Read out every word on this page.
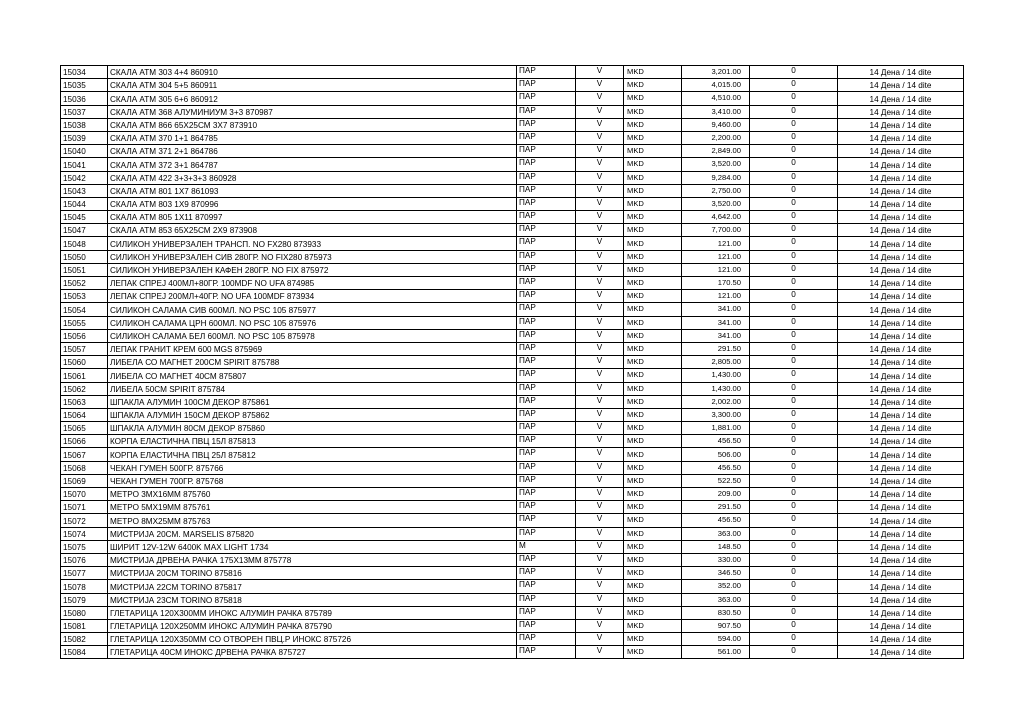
15034	СКАЛА АТМ 303 4+4 860910	ПАР	V	MKD	3,201.00	0	14 Дена / 14 dite
15035	СКАЛА АТМ 304 5+5 860911	ПАР	V	MKD	4,015.00	0	14 Дена / 14 dite
15036	СКАЛА АТМ 305 6+6 860912	ПАР	V	MKD	4,510.00	0	14 Дена / 14 dite
15037	СКАЛА АТМ 368 АЛУМИНИУМ 3+3 870987	ПАР	V	MKD	3,410.00	0	14 Дена / 14 dite
15038	СКАЛА АТМ 866 65Х25СМ 3Х7 873910	ПАР	V	MKD	9,460.00	0	14 Дена / 14 dite
15039	СКАЛА АТМ 370 1+1 864785	ПАР	V	MKD	2,200.00	0	14 Дена / 14 dite
15040	СКАЛА АТМ 371 2+1 864786	ПАР	V	MKD	2,849.00	0	14 Дена / 14 dite
15041	СКАЛА АТМ 372 3+1 864787	ПАР	V	MKD	3,520.00	0	14 Дена / 14 dite
15042	СКАЛА АТМ 422 3+3+3+3 860928	ПАР	V	MKD	9,284.00	0	14 Дена / 14 dite
15043	СКАЛА АТМ 801 1Х7 861093	ПАР	V	MKD	2,750.00	0	14 Дена / 14 dite
15044	СКАЛА АТМ 803 1Х9 870996	ПАР	V	MKD	3,520.00	0	14 Дена / 14 dite
15045	СКАЛА АТМ 805 1Х11 870997	ПАР	V	MKD	4,642.00	0	14 Дена / 14 dite
15047	СКАЛА АТМ 853 65Х25СМ 2Х9 873908	ПАР	V	MKD	7,700.00	0	14 Дена / 14 dite
15048	СИЛИКОН УНИВЕРЗАЛЕН ТРАНСП. NO FX280 873933	ПАР	V	MKD	121.00	0	14 Дена / 14 dite
15050	СИЛИКОН УНИВЕРЗАЛЕН СИВ 280ГР. NO FIX280 875973	ПАР	V	MKD	121.00	0	14 Дена / 14 dite
15051	СИЛИКОН УНИВЕРЗАЛЕН КАФЕН 280ГР. NO FIX 875972	ПАР	V	MKD	121.00	0	14 Дена / 14 dite
15052	ЛЕПАК СПРЕЈ 400МЛ+80ГР. 100MDF NO UFA 874985	ПАР	V	MKD	170.50	0	14 Дена / 14 dite
15053	ЛЕПАК СПРЕЈ 200МЛ+40ГР. NO UFA 100MDF 873934	ПАР	V	MKD	121.00	0	14 Дена / 14 dite
15054	СИЛИКОН САЛАМА СИВ 600МЛ. NO PSC 105 875977	ПАР	V	MKD	341.00	0	14 Дена / 14 dite
15055	СИЛИКОН САЛАМА ЦРН 600МЛ. NO PSC 105 875976	ПАР	V	MKD	341.00	0	14 Дена / 14 dite
15056	СИЛИКОН САЛАМА БЕЛ 600МЛ. NO PSC 105 875978	ПАР	V	MKD	341.00	0	14 Дена / 14 dite
15057	ЛЕПАК ГРАНИТ КРЕМ 600 MGS 875969	ПАР	V	MKD	291.50	0	14 Дена / 14 dite
15060	ЛИБЕЛА СО МАГНЕТ 200СМ SPIRIT 875788	ПАР	V	MKD	2,805.00	0	14 Дена / 14 dite
15061	ЛИБЕЛА СО МАГНЕТ 40СМ 875807	ПАР	V	MKD	1,430.00	0	14 Дена / 14 dite
15062	ЛИБЕЛА 50СМ SPIRIT 875784	ПАР	V	MKD	1,430.00	0	14 Дена / 14 dite
15063	ШПАКЛА АЛУМИН 100СМ ДЕКОР 875861	ПАР	V	MKD	2,002.00	0	14 Дена / 14 dite
15064	ШПАКЛА АЛУМИН 150СМ ДЕКОР 875862	ПАР	V	MKD	3,300.00	0	14 Дена / 14 dite
15065	ШПАКЛА АЛУМИН 80СМ ДЕКОР 875860	ПАР	V	MKD	1,881.00	0	14 Дена / 14 dite
15066	КОРПА ЕЛАСТИЧНА ПВЦ 15Л 875813	ПАР	V	MKD	456.50	0	14 Дена / 14 dite
15067	КОРПА ЕЛАСТИЧНА ПВЦ 25Л 875812	ПАР	V	MKD	506.00	0	14 Дена / 14 dite
15068	ЧЕКАН ГУМЕН 500ГР. 875766	ПАР	V	MKD	456.50	0	14 Дена / 14 dite
15069	ЧЕКАН ГУМЕН 700ГР. 875768	ПАР	V	MKD	522.50	0	14 Дена / 14 dite
15070	МЕТРО 3МХ16ММ 875760	ПАР	V	MKD	209.00	0	14 Дена / 14 dite
15071	МЕТРО 5МХ19ММ 875761	ПАР	V	MKD	291.50	0	14 Дена / 14 dite
15072	МЕТРО 8МХ25ММ 875763	ПАР	V	MKD	456.50	0	14 Дена / 14 dite
15074	МИСТРИЈА 20СМ. MARSELIS 875820	ПАР	V	MKD	363.00	0	14 Дена / 14 dite
15075	ШИРИТ 12V-12W 6400K MAX LIGHT 1734	М	V	MKD	148.50	0	14 Дена / 14 dite
15076	МИСТРИЈА ДРВЕНА РАЧКА 175Х13ММ 875778	ПАР	V	MKD	330.00	0	14 Дена / 14 dite
15077	МИСТРИЈА 20СМ TORINO 875816	ПАР	V	MKD	346.50	0	14 Дена / 14 dite
15078	МИСТРИЈА 22СМ TORINO 875817	ПАР	V	MKD	352.00	0	14 Дена / 14 dite
15079	МИСТРИЈА 23СМ TORINO 875818	ПАР	V	MKD	363.00	0	14 Дена / 14 dite
15080	ГЛЕТАРИЦА 120Х300ММ ИНОКС АЛУМИН РАЧКА 875789	ПАР	V	MKD	830.50	0	14 Дена / 14 dite
15081	ГЛЕТАРИЦА 120Х250ММ ИНОКС АЛУМИН РАЧКА 875790	ПАР	V	MKD	907.50	0	14 Дена / 14 dite
15082	ГЛЕТАРИЦА 120Х350ММ СО ОТВОРЕН ПВЦ.Р ИНОКС 875726	ПАР	V	MKD	594.00	0	14 Дена / 14 dite
15084	ГЛЕТАРИЦА 40СМ ИНОКС ДРВЕНА РАЧКА 875727	ПАР	V	MKD	561.00	0	14 Дена / 14 dite
